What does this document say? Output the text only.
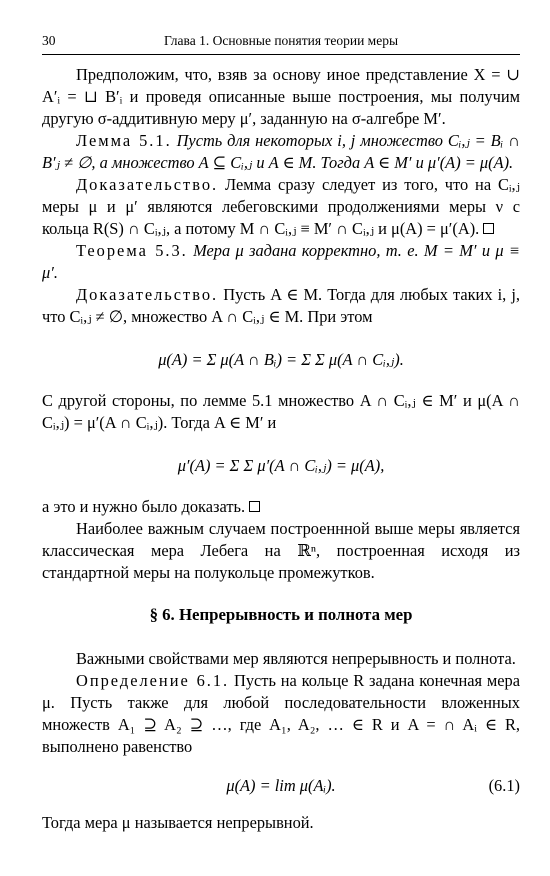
30	Глава 1. Основные понятия теории меры

Предположим, что, взяв за основу иное представление X = ∪ A′ᵢ = ⊔ B′ᵢ и проведя описанные выше построения, мы получим другую σ-аддитивную меру μ′, заданную на σ-алгебре M′.

Лемма 5.1. Пусть для некоторых i, j множество Cᵢ,ⱼ = Bᵢ ∩ B′ⱼ ≠ ∅, а множество A ⊆ Cᵢ,ⱼ и A ∈ M. Тогда A ∈ M′ и μ′(A) = μ(A).

Доказательство. Лемма сразу следует из того, что на Cᵢ,ⱼ меры μ и μ′ являются лебеговскими продолжениями меры ν с кольца R(S) ∩ Cᵢ,ⱼ, а потому M ∩ Cᵢ,ⱼ ≡ M′ ∩ Cᵢ,ⱼ и μ(A) = μ′(A).

Теорема 5.3. Мера μ задана корректно, т. е. M = M′ и μ ≡ μ′.

Доказательство. Пусть A ∈ M. Тогда для любых таких i, j, что Cᵢ,ⱼ ≠ ∅, множество A ∩ Cᵢ,ⱼ ∈ M. При этом

μ(A) = Σ μ(A ∩ Bᵢ) = Σ Σ μ(A ∩ Cᵢ,ⱼ).

С другой стороны, по лемме 5.1 множество A ∩ Cᵢ,ⱼ ∈ M′ и μ(A ∩ Cᵢ,ⱼ) = μ′(A ∩ Cᵢ,ⱼ). Тогда A ∈ M′ и

μ′(A) = Σ Σ μ′(A ∩ Cᵢ,ⱼ) = μ(A),

а это и нужно было доказать.

Наиболее важным случаем построеннной выше меры является классическая мера Лебега на ℝⁿ, построенная исходя из стандартной меры на полукольце промежутков.

§ 6. Непрерывность и полнота мер

Важными свойствами мер являются непрерывность и полнота.

Определение 6.1. Пусть на кольце R задана конечная мера μ. Пусть также для любой последовательности вложенных множеств A₁ ⊇ A₂ ⊇ …, где A₁, A₂, … ∈ R и A = ∩ Aᵢ ∈ R, выполнено равенство

μ(A) = lim μ(Aᵢ).	(6.1)

Тогда мера μ называется непрерывной.
